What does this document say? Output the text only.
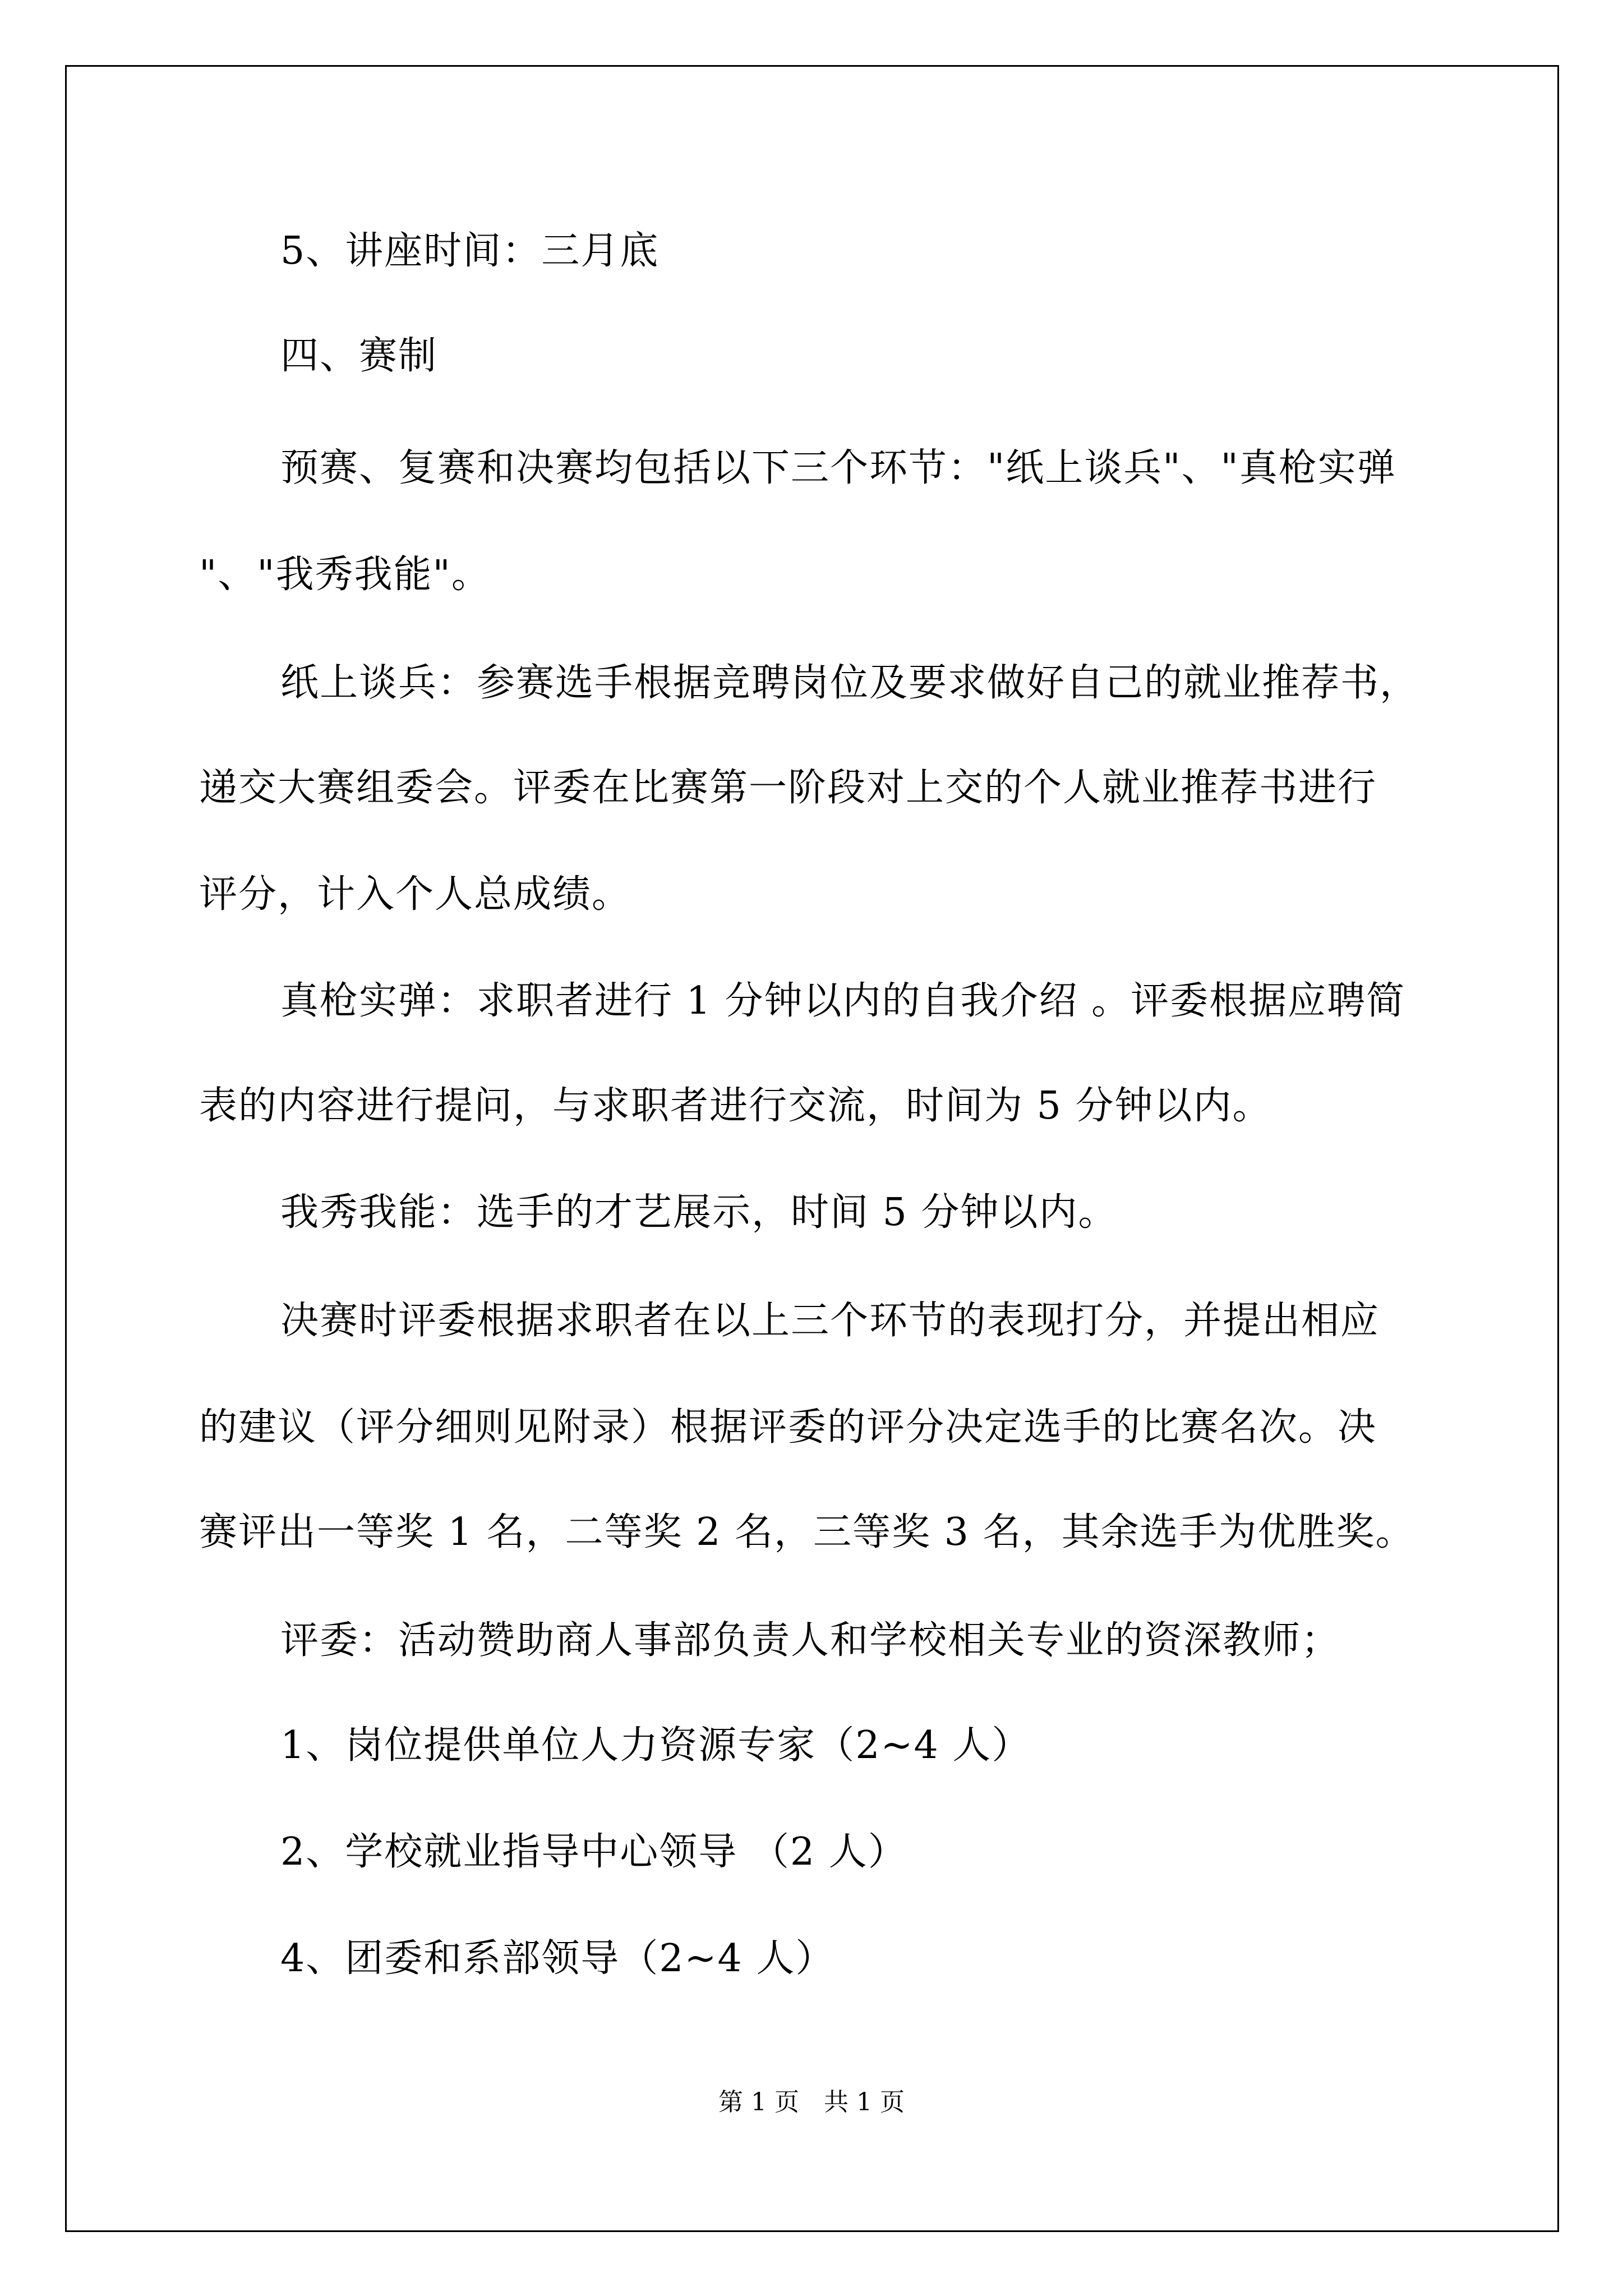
5、讲座时间：三月底
四、赛制
预赛、复赛和决赛均包括以下三个环节："纸上谈兵"、"真枪实弹
"、"我秀我能"。
纸上谈兵：参赛选手根据竞聘岗位及要求做好自己的就业推荐书，
递交大赛组委会。评委在比赛第一阶段对上交的个人就业推荐书进行
评分，计入个人总成绩。
真枪实弹：求职者进行 1 分钟以内的自我介绍 。评委根据应聘简
表的内容进行提问，与求职者进行交流，时间为 5 分钟以内。
我秀我能：选手的才艺展示，时间 5 分钟以内。
决赛时评委根据求职者在以上三个环节的表现打分，并提出相应
的建议（评分细则见附录）根据评委的评分决定选手的比赛名次。决
赛评出一等奖 1 名，二等奖 2 名，三等奖 3 名，其余选手为优胜奖。
评委：活动赞助商人事部负责人和学校相关专业的资深教师；
1、岗位提供单位人力资源专家（2~4 人）
2、学校就业指导中心领导 （2 人）
4、团委和系部领导（2~4 人）
第 1 页　共 1 页
